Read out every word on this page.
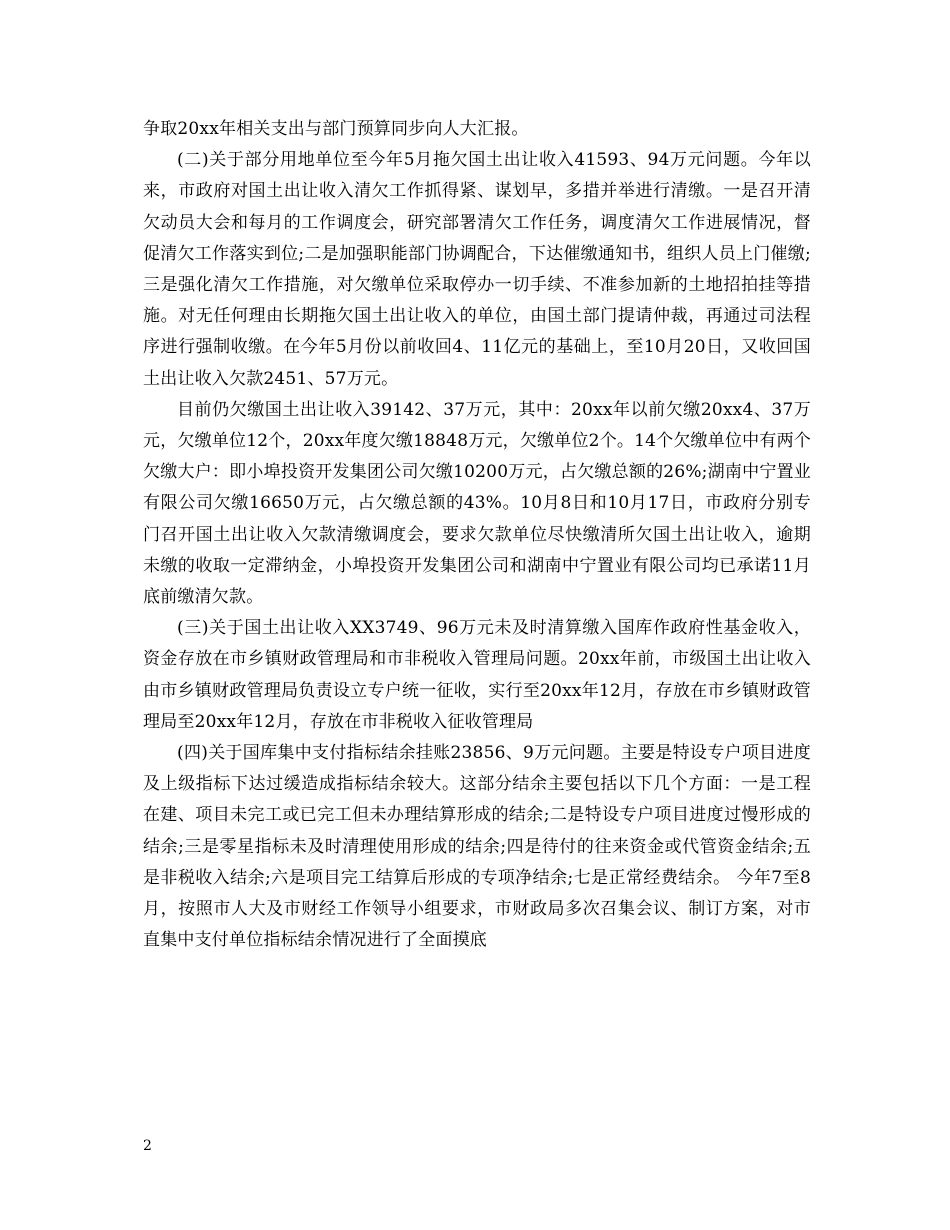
争取20xx年相关支出与部门预算同步向人大汇报。

(二)关于部分用地单位至今年5月拖欠国土出让收入41593、94万元问题。今年以来，市政府对国土出让收入清欠工作抓得紧、谋划早，多措并举进行清缴。一是召开清欠动员大会和每月的工作调度会，研究部署清欠工作任务，调度清欠工作进展情况，督促清欠工作落实到位;二是加强职能部门协调配合，下达催缴通知书，组织人员上门催缴;三是强化清欠工作措施，对欠缴单位采取停办一切手续、不准参加新的土地招拍挂等措施。对无任何理由长期拖欠国土出让收入的单位，由国土部门提请仲裁，再通过司法程序进行强制收缴。在今年5月份以前收回4、11亿元的基础上，至10月20日，又收回国土出让收入欠款2451、57万元。

目前仍欠缴国土出让收入39142、37万元，其中：20xx年以前欠缴20xx4、37万元，欠缴单位12个，20xx年度欠缴18848万元，欠缴单位2个。14个欠缴单位中有两个欠缴大户：即小埠投资开发集团公司欠缴10200万元，占欠缴总额的26%;湖南中宁置业有限公司欠缴16650万元，占欠缴总额的43%。10月8日和10月17日，市政府分别专门召开国土出让收入欠款清缴调度会，要求欠款单位尽快缴清所欠国土出让收入，逾期未缴的收取一定滞纳金，小埠投资开发集团公司和湖南中宁置业有限公司均已承诺11月底前缴清欠款。

(三)关于国土出让收入XX3749、96万元未及时清算缴入国库作政府性基金收入，资金存放在市乡镇财政管理局和市非税收入管理局问题。20xx年前，市级国土出让收入由市乡镇财政管理局负责设立专户统一征收，实行至20xx年12月，存放在市乡镇财政管理局至20xx年12月，存放在市非税收入征收管理局

(四)关于国库集中支付指标结余挂账23856、9万元问题。主要是特设专户项目进度及上级指标下达过缓造成指标结余较大。这部分结余主要包括以下几个方面：一是工程在建、项目未完工或已完工但未办理结算形成的结余;二是特设专户项目进度过慢形成的结余;三是零星指标未及时清理使用形成的结余;四是待付的往来资金或代管资金结余;五是非税收入结余;六是项目完工结算后形成的专项净结余;七是正常经费结余。 今年7至8月，按照市人大及市财经工作领导小组要求，市财政局多次召集会议、制订方案，对市直集中支付单位指标结余情况进行了全面摸底

2
